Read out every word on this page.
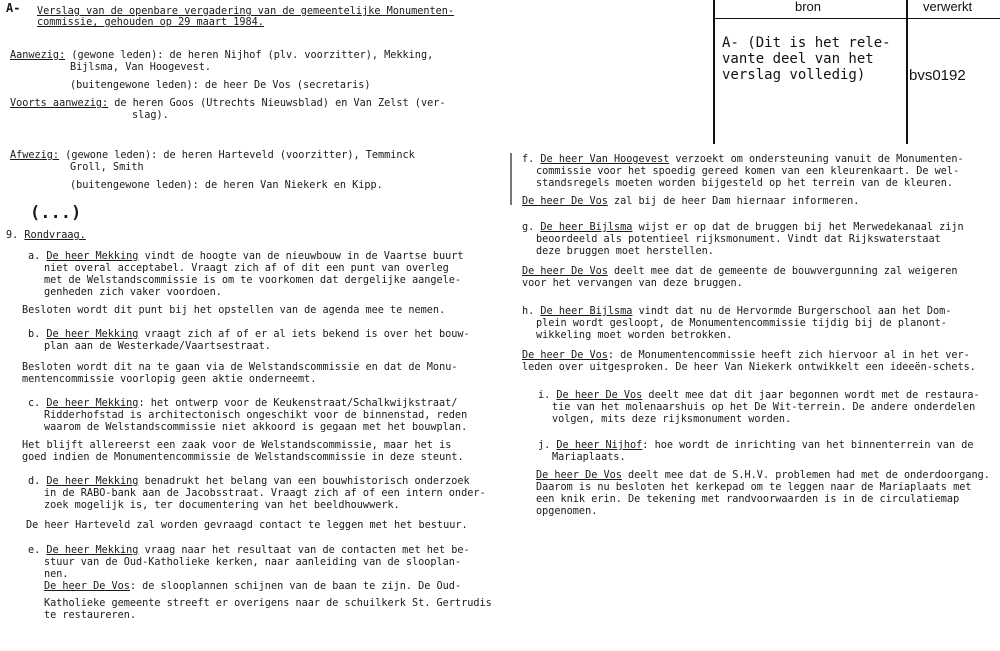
A- Verslag van de openbare vergadering van de gemeentelijke Monumenten-
commissie, gehouden op 29 maart 1984.
Aanwezig: (gewone leden): de heren Nijhof (plv. voorzitter), Mekking,
Bijlsma, Van Hoogevest.
(buitengewone leden): de heer De Vos (secretaris)
Voorts aanwezig: de heren Goos (Utrechts Nieuwsblad) en Van Zelst (ver-
slag).
Afwezig: (gewone leden): de heren Harteveld (voorzitter), Temminck
Groll, Smith
(buitengewone leden): de heren Van Niekerk en Kipp.
(...)
9. Rondvraag.
a. De heer Mekking vindt de hoogte van de nieuwbouw in de Vaartse buurt
niet overal acceptabel. Vraagt zich af of dit een punt van overleg
met de Welstandscommissie is om te voorkomen dat dergelijke aangele-
genheden zich vaker voordoen.
Besloten wordt dit punt bij het opstellen van de agenda mee te nemen.
b. De heer Mekking vraagt zich af of er al iets bekend is over het bouw-
plan aan de Westerkade/Vaartsestraat.
Besloten wordt dit na te gaan via de Welstandscommissie en dat de Monu-
mentencommissie voorlopig geen aktie onderneemt.
c. De heer Mekking: het ontwerp voor de Keukenstraat/Schalkwijkstraat/
Ridderhofstad is architectonisch ongeschikt voor de binnenstad, reden
waarom de Welstandscommissie niet akkoord is gegaan met het bouwplan.
Het blijft allereerst een zaak voor de Welstandscommissie, maar het is
goed indien de Monumentencommissie de Welstandscommissie in deze steunt.
d. De heer Mekking benadrukt het belang van een bouwhistorisch onderzoek
in de RABO-bank aan de Jacobsstraat. Vraagt zich af of een intern onder-
zoek mogelijk is, ter documentering van het beeldhouwwerk.
De heer Harteveld zal worden gevraagd contact te leggen met het bestuur.
e. De heer Mekking vraag naar het resultaat van de contacten met het be-
stuur van de Oud-Katholieke kerken, naar aanleiding van de slooplan-
nen.
De heer De Vos: de slooplannen schijnen van de baan te zijn. De Oud-
Katholieke gemeente streeft er overigens naar de schuilkerk St. Gertrudis
te restaureren.
f. De heer Van Hoogevest verzoekt om ondersteuning vanuit de Monumenten-
commissie voor het spoedig gereed komen van een kleurenkaart. De wel-
standsregels moeten worden bijgesteld op het terrein van de kleuren.
De heer De Vos zal bij de heer Dam hiernaar informeren.
g. De heer Bijlsma wijst er op dat de bruggen bij het Merwedekanaal zijn
beoordeeld als potentieel rijksmonument. Vindt dat Rijkswaterstaat
deze bruggen moet herstellen.
De heer De Vos deelt mee dat de gemeente de bouwvergunning zal weigeren
voor het vervangen van deze bruggen.
h. De heer Bijlsma vindt dat nu de Hervormde Burgerschool aan het Dom-
plein wordt gesloopt, de Monumentencommissie tijdig bij de planont-
wikkeling moet worden betrokken.
De heer De Vos: de Monumentencommissie heeft zich hiervoor al in het ver-
leden over uitgesproken. De heer Van Niekerk ontwikkelt een ideeën-schets.
i. De heer De Vos deelt mee dat dit jaar begonnen wordt met de restaura-
tie van het molenaarshuis op het De Wit-terrein. De andere onderdelen
volgen, mits deze rijksmonument worden.
j. De heer Nijhof: hoe wordt de inrichting van het binnenterrein van de
Mariaplaats.
De heer De Vos deelt mee dat de S.H.V. problemen had met de onderdoorgang.
Daarom is nu besloten het kerkepad om te leggen naar de Mariaplaats met
een knik erin. De tekening met randvoorwaarden is in de circulatiemap
opgenomen.
bron	verwerkt
A- (Dit is het rele-
vante deel van het
verslag volledig)	bvs0192
